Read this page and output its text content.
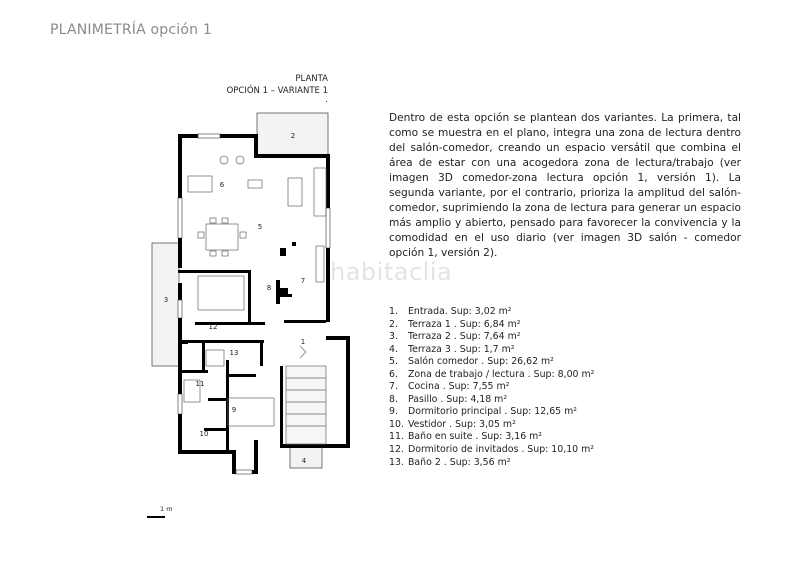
PLANIMETRÍA opción 1
PLANTA
OPCIÓN 1 – VARIANTE 1
.
1
2
3
4
5
6
7
8
9
10
11
12
13
habitaclia
1 m
Dentro de esta opción se plantean dos variantes. La primera, tal como se muestra en el plano, integra una zona de lectura dentro del salón-comedor, creando un espacio versátil que combina el área de estar con una acogedora zona de lectura/trabajo (ver imagen 3D comedor-zona lectura opción 1, versión 1). La segunda variante, por el contrario, prioriza la amplitud del salón-comedor, suprimiendo la zona de lectura para generar un espacio más amplio y abierto, pensado para favorecer la convivencia y la comodidad en el uso diario (ver imagen 3D salón - comedor opción 1, versión 2).
1.	Entrada. Sup: 3,02 m²
2.	Terraza 1 . Sup: 6,84 m²
3.	Terraza 2 . Sup: 7,64 m²
4.	Terraza 3 . Sup: 1,7 m²
5.	Salón comedor . Sup: 26,62 m²
6.	Zona de trabajo / lectura . Sup: 8,00 m²
7.	Cocina . Sup: 7,55 m²
8.	Pasillo . Sup: 4,18 m²
9.	Dormitorio principal . Sup: 12,65 m²
10. Vestidor . Sup: 3,05 m²
11. Baño en suite . Sup: 3,16 m²
12. Dormitorio de invitados . Sup: 10,10 m²
13. Baño 2 . Sup: 3,56 m²
